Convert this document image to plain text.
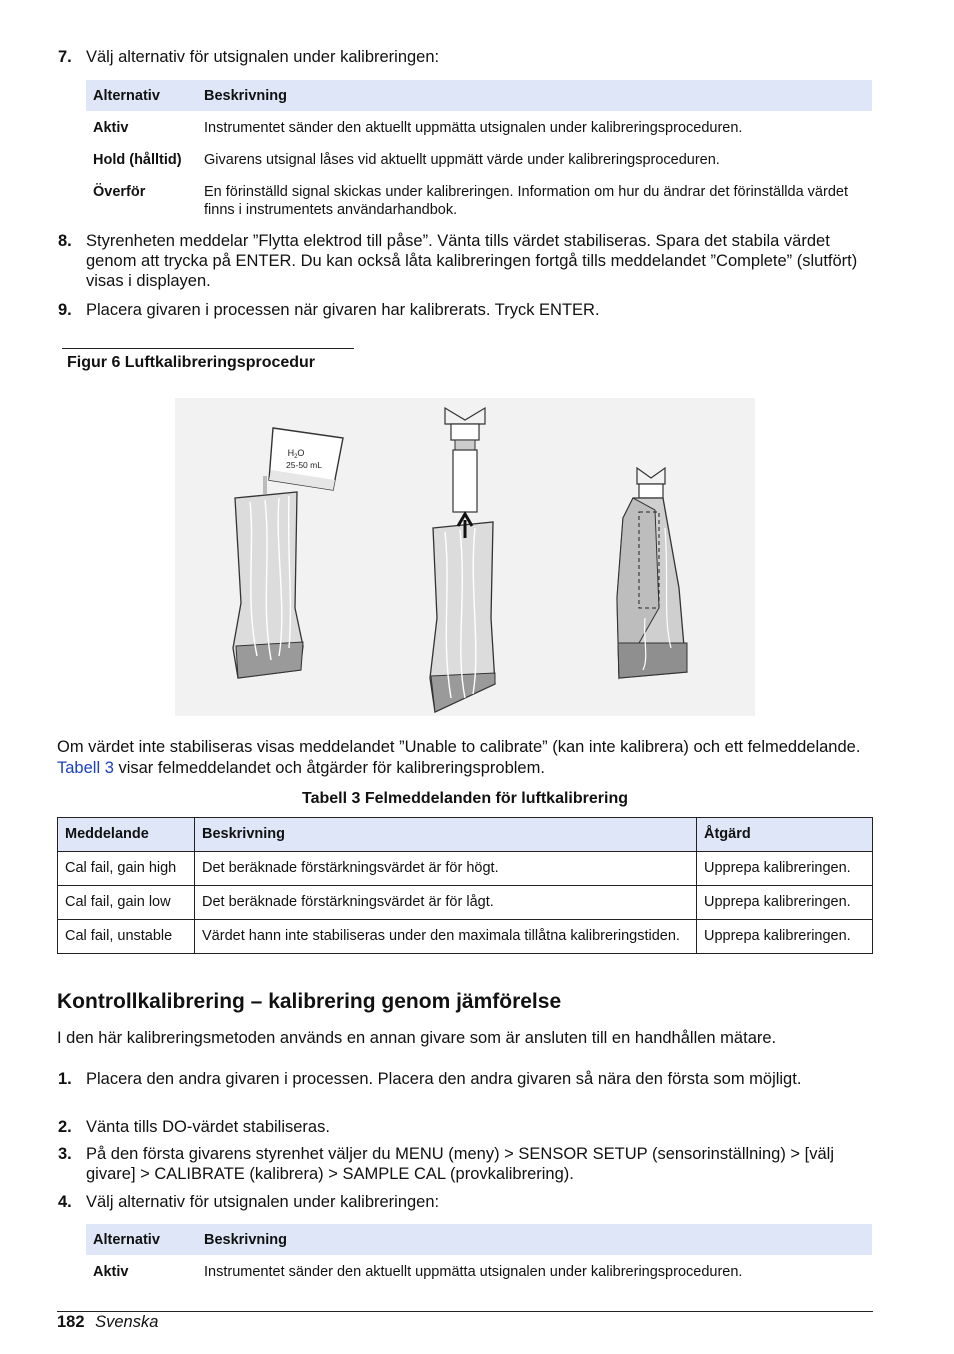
7. Välj alternativ för utsignalen under kalibreringen:
Alternativ	Beskrivning
Aktiv	Instrumentet sänder den aktuellt uppmätta utsignalen under kalibreringsproceduren.
Hold (hålltid)	Givarens utsignal låses vid aktuellt uppmätt värde under kalibreringsproceduren.
Överför	En förinställd signal skickas under kalibreringen. Information om hur du ändrar det förinställda värdet finns i instrumentets användarhandbok.
8. Styrenheten meddelar ”Flytta elektrod till påse”. Vänta tills värdet stabiliseras. Spara det stabila värdet genom att trycka på ENTER. Du kan också låta kalibreringen fortgå tills meddelandet ”Complete” (slutfört) visas i displayen.
9. Placera givaren i processen när givaren har kalibrerats. Tryck ENTER.
Figur 6 Luftkalibreringsprocedur
$H_2O$
25-50 mL
Om värdet inte stabiliseras visas meddelandet ”Unable to calibrate” (kan inte kalibrera) och ett felmeddelande. Tabell 3 visar felmeddelandet och åtgärder för kalibreringsproblem.
Tabell 3 Felmeddelanden för luftkalibrering
Meddelande	Beskrivning	Åtgärd
Cal fail, gain high	Det beräknade förstärkningsvärdet är för högt.	Upprepa kalibreringen.
Cal fail, gain low	Det beräknade förstärkningsvärdet är för lågt.	Upprepa kalibreringen.
Cal fail, unstable	Värdet hann inte stabiliseras under den maximala tillåtna kalibreringstiden.	Upprepa kalibreringen.
Kontrollkalibrering – kalibrering genom jämförelse
I den här kalibreringsmetoden används en annan givare som är ansluten till en handhållen mätare.
1. Placera den andra givaren i processen. Placera den andra givaren så nära den första som möjligt.
2. Vänta tills DO-värdet stabiliseras.
3. På den första givarens styrenhet väljer du MENU (meny) > SENSOR SETUP (sensorinställning) > [välj givare] > CALIBRATE (kalibrera) > SAMPLE CAL (provkalibrering).
4. Välj alternativ för utsignalen under kalibreringen:
Alternativ	Beskrivning
Aktiv	Instrumentet sänder den aktuellt uppmätta utsignalen under kalibreringsproceduren.
182 Svenska
